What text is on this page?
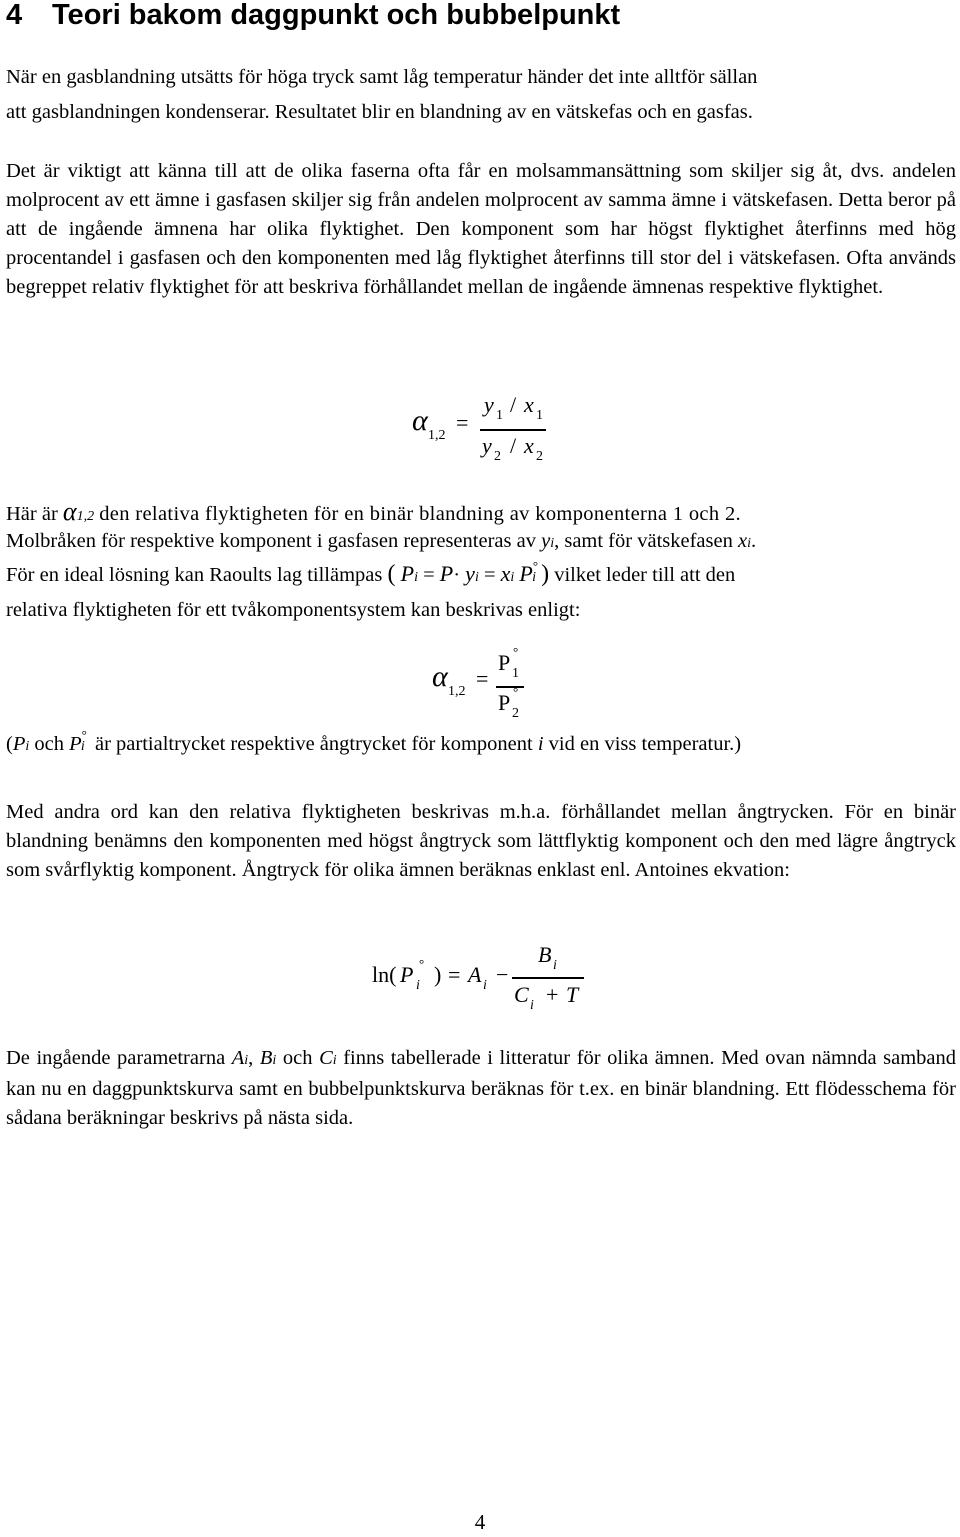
4 Teori bakom daggpunkt och bubbelpunkt

När en gasblandning utsätts för höga tryck samt låg temperatur händer det inte alltför sällan

att gasblandningen kondenserar. Resultatet blir en blandning av en vätskefas och en gasfas.

Det är viktigt att känna till att de olika faserna ofta får en molsammansättning som skiljer sig åt, dvs. andelen molprocent av ett ämne i gasfasen skiljer sig från andelen molprocent av samma ämne i vätskefasen. Detta beror på att de ingående ämnena har olika flyktighet. Den komponent som har högst flyktighet återfinns med hög procentandel i gasfasen och den komponenten med låg flyktighet återfinns till stor del i vätskefasen. Ofta används begreppet relativ flyktighet för att beskriva förhållandet mellan de ingående ämnenas respektive flyktighet.

α 1,2
=
y 1 / x 1
y 2 / x 2
Här är α1,2 den relativa flyktigheten för en binär blandning av komponenterna 1 och 2.
Molbråken för respektive komponent i gasfasen representeras av yi, samt för vätskefasen xi.
För en ideal lösning kan Raoults lag tillämpas ( Pi = P· yi = xi P°i ) vilket leder till att den

relativa flyktigheten för ett tvåkomponentsystem kan beskrivas enligt:

α 1,2
=
P °
1
P °
2
(Pi och P°i är partialtrycket respektive ångtrycket för komponent i vid en viss temperatur.)

Med andra ord kan den relativa flyktigheten beskrivas m.h.a. förhållandet mellan ångtrycken. För en binär blandning benämns den komponenten med högst ångtryck som lättflyktig komponent och den med lägre ångtryck som svårflyktig komponent. Ångtryck för olika ämnen beräknas enklast enl. Antoines ekvation:

ln( P °
i ) = A i −
B i
C i + T

De ingående parametrarna Ai, Bi och Ci finns tabellerade i litteratur för olika ämnen. Med ovan nämnda samband kan nu en daggpunktskurva samt en bubbelpunktskurva beräknas för t.ex. en binär blandning. Ett flödesschema för sådana beräkningar beskrivs på nästa sida.

4
